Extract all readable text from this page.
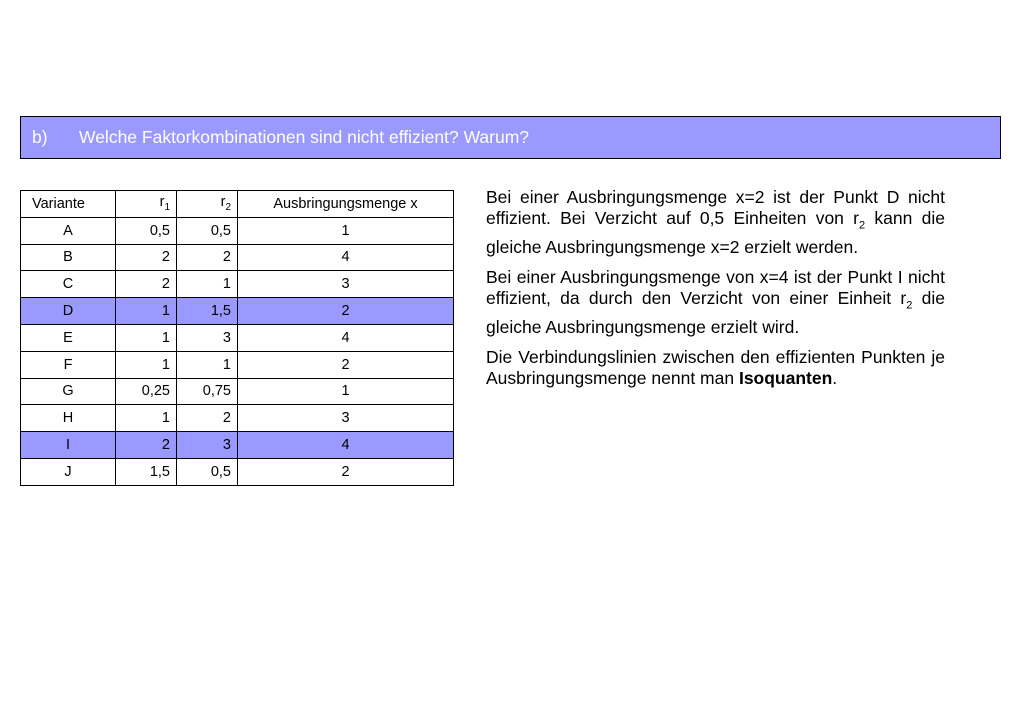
b)	Welche Faktorkombinationen sind nicht effizient? Warum?
Variante	$r_1$	$r_2$	Ausbringungsmenge x
A	0,5	0,5	1
B	2	2	4
C	2	1	3
D	1	1,5	2
E	1	3	4
F	1	1	2
G	0,25	0,75	1
H	1	2	3
I	2	3	4
J	1,5	0,5	2

Bei einer Ausbringungsmenge x=2 ist der Punkt D nicht effizient. Bei Verzicht auf 0,5 Einheiten von $r_2$ kann die gleiche Ausbringungsmenge x=2 erzielt werden.

Bei einer Ausbringungsmenge von x=4 ist der Punkt I nicht effizient, da durch den Verzicht von einer Einheit $r_2$ die gleiche Ausbringungsmenge erzielt wird.

Die Verbindungslinien zwischen den effizienten Punkten je Ausbringungsmenge nennt man Isoquanten.
